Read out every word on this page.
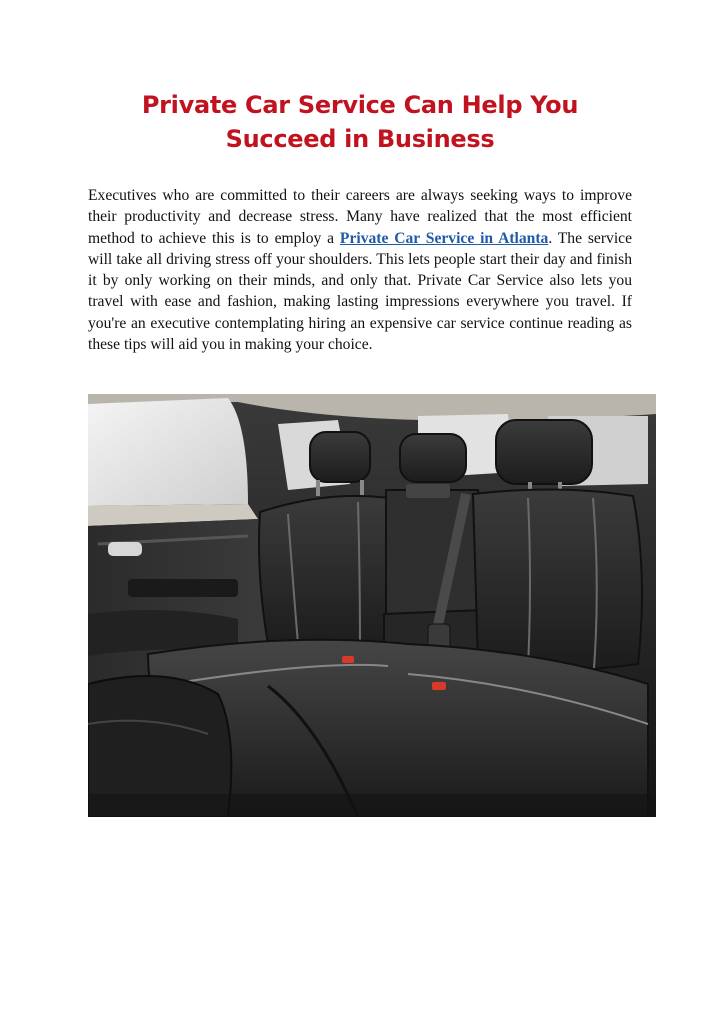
Private Car Service Can Help You
Succeed in Business

Executives who are committed to their careers are always seeking ways to improve their productivity and decrease stress. Many have realized that the most efficient method to achieve this is to employ a Private Car Service in Atlanta. The service will take all driving stress off your shoulders. This lets people start their day and finish it by only working on their minds, and only that. Private Car Service also lets you travel with ease and fashion, making lasting impressions everywhere you travel. If you're an executive contemplating hiring an expensive car service continue reading as these tips will aid you in making your choice.
